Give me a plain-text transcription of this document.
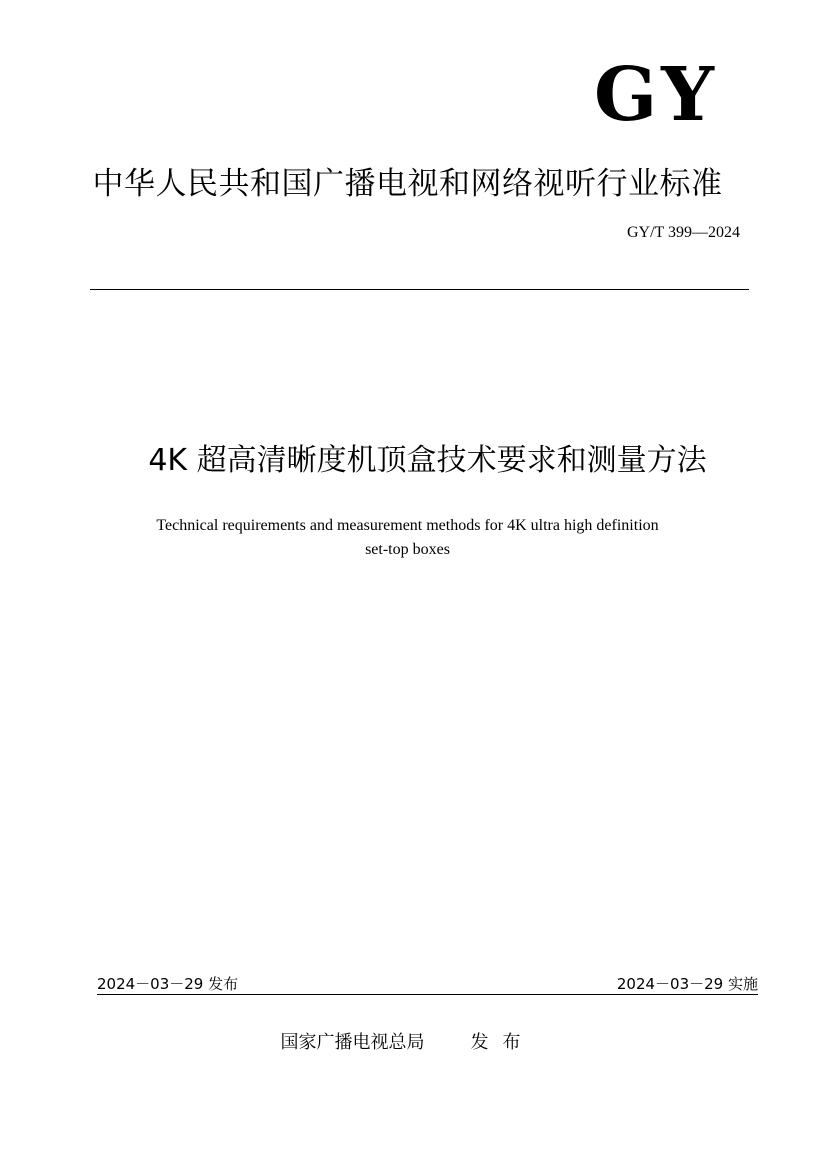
GY
中华人民共和国广播电视和网络视听行业标准
GY/T 399—2024
4K 超高清晰度机顶盒技术要求和测量方法
Technical requirements and measurement methods for 4K ultra high definition
set-top boxes
2024－03－29 发布	2024－03－29 实施
国家广播电视总局	发布
